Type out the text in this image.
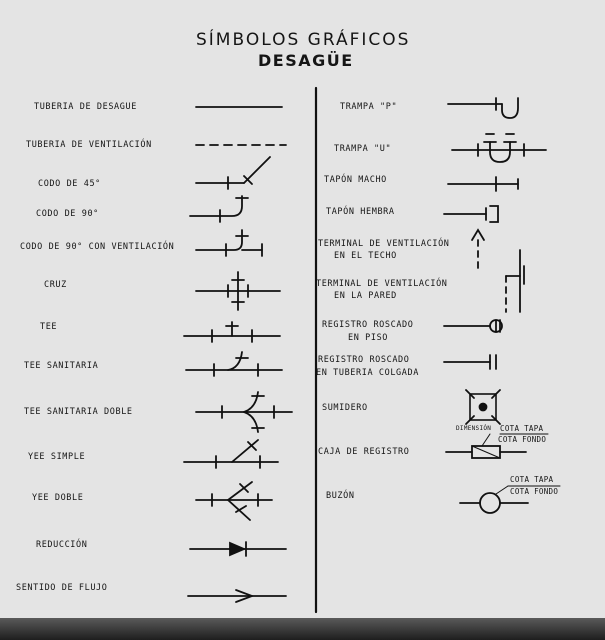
SÍMBOLOS GRÁFICOS
DESAGÜE
TUBERIA DE DESAGUE
TUBERIA DE VENTILACIÓN
CODO DE 45°
CODO DE 90°
CODO DE 90° CON VENTILACIÓN
CRUZ
TEE
TEE SANITARIA
TEE SANITARIA DOBLE
YEE SIMPLE
YEE DOBLE
REDUCCIÓN
SENTIDO DE FLUJO
TRAMPA "P"
TRAMPA "U"
TAPÓN MACHO
TAPÓN HEMBRA
TERMINAL DE VENTILACIÓN
EN EL TECHO
TERMINAL DE VENTILACIÓN
EN LA PARED
REGISTRO ROSCADO
EN PISO
REGISTRO ROSCADO
EN TUBERIA COLGADA
SUMIDERO
CAJA DE REGISTRO
BUZÓN
DIMENSIÓN COTA TAPA
COTA FONDO
COTA TAPA
COTA FONDO
